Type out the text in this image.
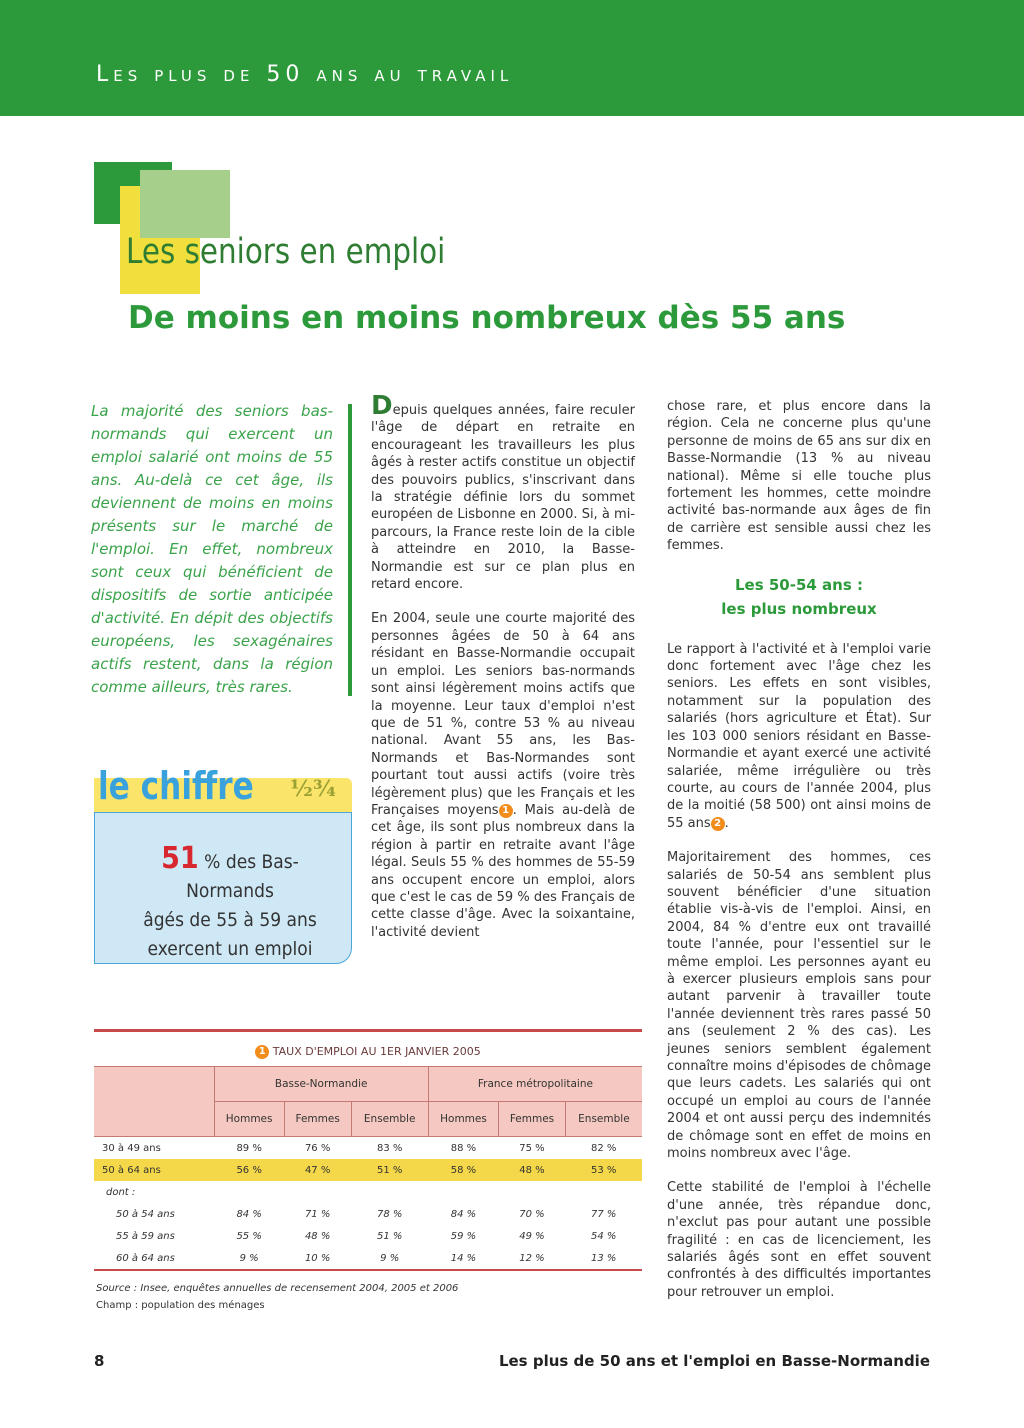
Les plus de 50 ans au travail
Les seniors en emploi
De moins en moins nombreux dès 55 ans

La majorité des seniors bas-normands qui exercent un emploi salarié ont moins de 55 ans. Au-delà ce cet âge, ils deviennent de moins en moins présents sur le marché de l'emploi. En effet, nombreux sont ceux qui bénéficient de dispositifs de sortie anticipée d'activité. En dépit des objectifs européens, les sexagénaires actifs restent, dans la région comme ailleurs, très rares.

Depuis quelques années, faire reculer l'âge de départ en retraite en encourageant les travailleurs les plus âgés à rester actifs constitue un objectif des pouvoirs publics, s'inscrivant dans la stratégie définie lors du sommet européen de Lisbonne en 2000. Si, à mi-parcours, la France reste loin de la cible à atteindre en 2010, la Basse-Normandie est sur ce plan plus en retard encore.

En 2004, seule une courte majorité des personnes âgées de 50 à 64 ans résidant en Basse-Normandie occupait un emploi. Les seniors bas-normands sont ainsi légèrement moins actifs que la moyenne. Leur taux d'emploi n'est que de 51 %, contre 53 % au niveau national. Avant 55 ans, les Bas-Normands et Bas-Normandes sont pourtant tout aussi actifs (voire très légèrement plus) que les Français et les Françaises moyens 1 . Mais au-delà de cet âge, ils sont plus nombreux dans la région à partir en retraite avant l'âge légal. Seuls 55 % des hommes de 55-59 ans occupent encore un emploi, alors que c'est le cas de 59 % des Français de cette classe d'âge. Avec la soixantaine, l'activité devient

chose rare, et plus encore dans la région. Cela ne concerne plus qu'une personne de moins de 65 ans sur dix en Basse-Normandie (13 % au niveau national). Même si elle touche plus fortement les hommes, cette moindre activité bas-normande aux âges de fin de carrière est sensible aussi chez les femmes.

Les 50-54 ans :
les plus nombreux

Le rapport à l'activité et à l'emploi varie donc fortement avec l'âge chez les seniors. Les effets en sont visibles, notamment sur la population des salariés (hors agriculture et État). Sur les 103 000 seniors résidant en Basse-Normandie et ayant exercé une activité salariée, même irrégulière ou très courte, au cours de l'année 2004, plus de la moitié (58 500) ont ainsi moins de 55 ans 2 .

Majoritairement des hommes, ces salariés de 50-54 ans semblent plus souvent bénéficier d'une situation établie vis-à-vis de l'emploi. Ainsi, en 2004, 84 % d'entre eux ont travaillé toute l'année, pour l'essentiel sur le même emploi. Les personnes ayant eu à exercer plusieurs emplois sans pour autant parvenir à travailler toute l'année deviennent très rares passé 50 ans (seulement 2 % des cas). Les jeunes seniors semblent également connaître moins d'épisodes de chômage que leurs cadets. Les salariés qui ont occupé un emploi au cours de l'année 2004 et ont aussi perçu des indemnités de chômage sont en effet de moins en moins nombreux avec l'âge.

Cette stabilité de l'emploi à l'échelle d'une année, très répandue donc, n'exclut pas pour autant une possible fragilité : en cas de licenciement, les salariés âgés sont en effet souvent confrontés à des difficultés importantes pour retrouver un emploi.

le chiffre ½¾
51 % des Bas-Normands
âgés de 55 à 59 ans
exercent un emploi
1 TAUX D'EMPLOI AU 1ER JANVIER 2005
	Basse-Normandie			France métropolitaine		
	Hommes	Femmes	Ensemble	Hommes	Femmes	Ensemble
30 à 49 ans	89 %	76 %	83 %	88 %	75 %	82 %
50 à 64 ans	56 %	47 %	51 %	58 %	48 %	53 %
dont :						
50 à 54 ans	84 %	71 %	78 %	84 %	70 %	77 %
55 à 59 ans	55 %	48 %	51 %	59 %	49 %	54 %
60 à 64 ans	9 %	10 %	9 %	14 %	12 %	13 %
Source : Insee, enquêtes annuelles de recensement 2004, 2005 et 2006
Champ : population des ménages
8	Les plus de 50 ans et l'emploi en Basse-Normandie
